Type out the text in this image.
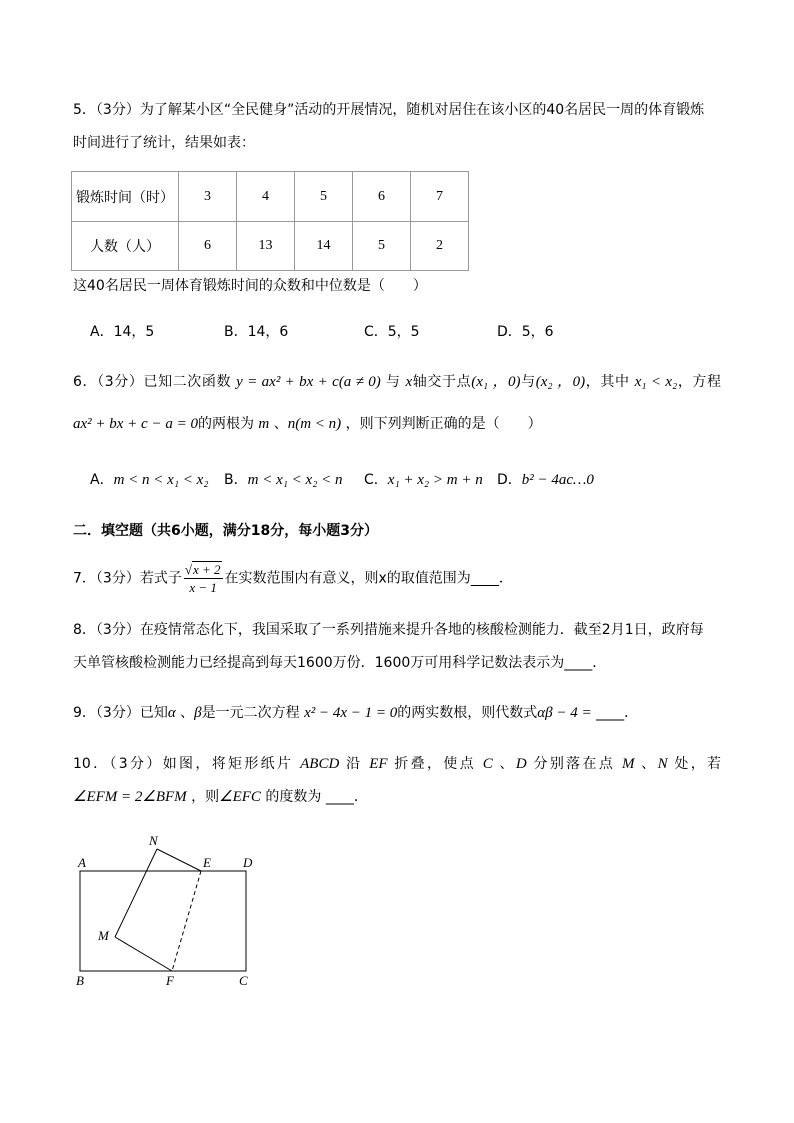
5．（3分）为了解某小区“全民健身”活动的开展情况，随机对居住在该小区的40名居民一周的体育锻炼
时间进行了统计，结果如表：
锻炼时间（时）	3	4	5	6	7
人数（人）	6	13	14	5	2
这40名居民一周体育锻炼时间的众数和中位数是（　　）
A．14，5	B．14，6	C．5，5	D．5，6
6．（3分）已知二次函数 y = ax² + bx + c(a ≠ 0) 与 x轴交于点(x₁ ，0)与(x₂ ，0)，其中 x₁ < x₂，方程
ax² + bx + c − a = 0的两根为 m 、n(m < n) ，则下列判断正确的是（　　）
A．m < n < x₁ < x₂ B．m < x₁ < x₂ < n C．x₁ + x₂ > m + n D．b² − 4ac…0
二．填空题（共6小题，满分18分，每小题3分）
7．（3分）若式子 $\frac{√x + 2}{x - 1}$ 在实数范围内有意义，则x的取值范围为____．
8．（3分）在疫情常态化下，我国采取了一系列措施来提升各地的核酸检测能力．截至2月1日，政府每
天单管核酸检测能力已经提高到每天1600万份．1600万可用科学记数法表示为____．
9．（3分）已知α 、β是一元二次方程 x² − 4x − 1 = 0的两实数根，则代数式αβ − 4 = ____．
10．（3分）如图，将矩形纸片 ABCD 沿 EF 折叠，使点 C 、D 分别落在点 M 、N 处，若
∠EFM = 2∠BFM ，则∠EFC 的度数为 ____．
A	D
E
N
M
B	F	C
